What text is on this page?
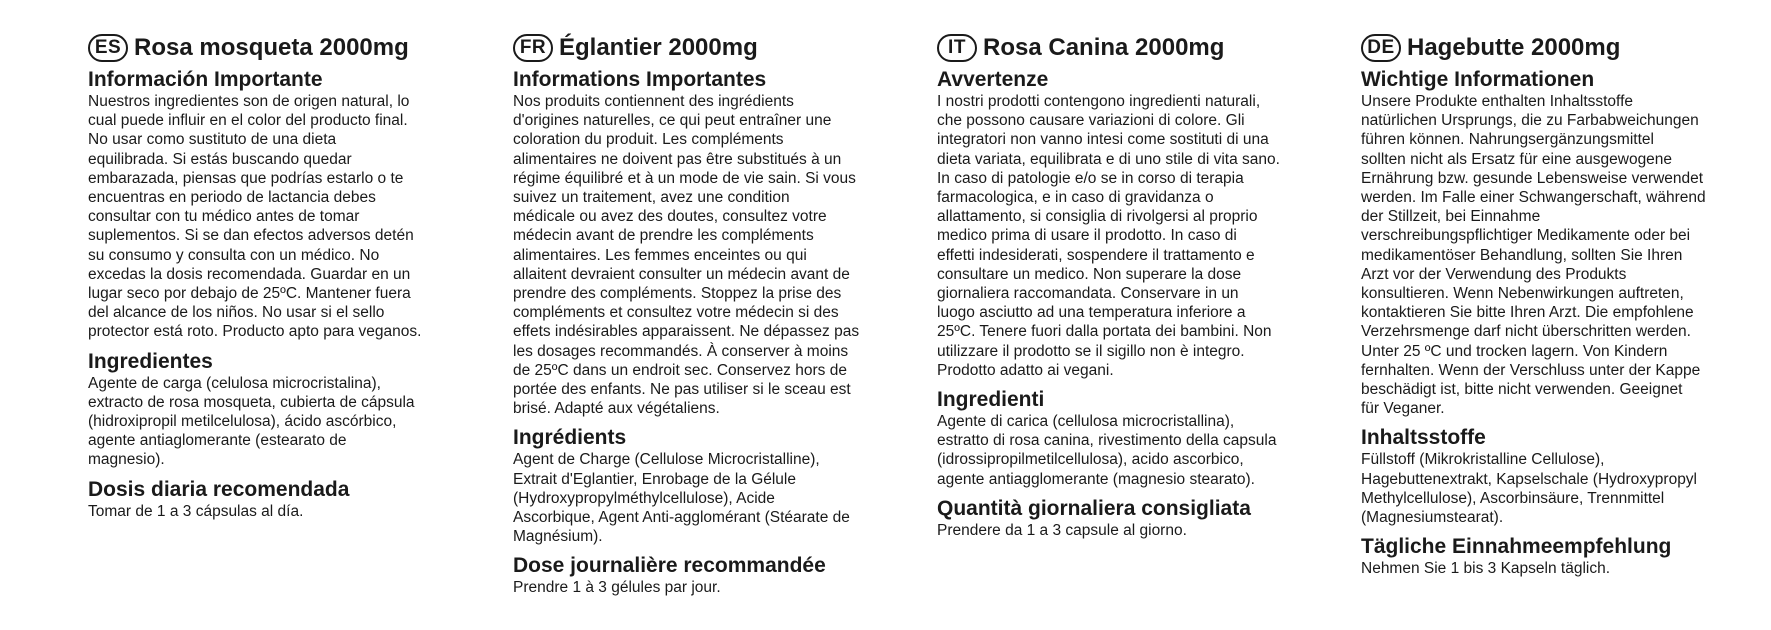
ES Rosa mosqueta 2000mg
Información Importante
Nuestros ingredientes son de origen natural, lo
cual puede influir en el color del producto final.
No usar como sustituto de una dieta
equilibrada. Si estás buscando quedar
embarazada, piensas que podrías estarlo o te
encuentras en periodo de lactancia debes
consultar con tu médico antes de tomar
suplementos. Si se dan efectos adversos detén
su consumo y consulta con un médico. No
excedas la dosis recomendada. Guardar en un
lugar seco por debajo de 25ºC. Mantener fuera
del alcance de los niños. No usar si el sello
protector está roto. Producto apto para veganos.
Ingredientes
Agente de carga (celulosa microcristalina),
extracto de rosa mosqueta, cubierta de cápsula
(hidroxipropil metilcelulosa), ácido ascórbico,
agente antiaglomerante (estearato de
magnesio).
Dosis diaria recomendada
Tomar de 1 a 3 cápsulas al día.
FR Églantier 2000mg
Informations Importantes
Nos produits contiennent des ingrédients
d'origines naturelles, ce qui peut entraîner une
coloration du produit. Les compléments
alimentaires ne doivent pas être substitués à un
régime équilibré et à un mode de vie sain. Si vous
suivez un traitement, avez une condition
médicale ou avez des doutes, consultez votre
médecin avant de prendre les compléments
alimentaires. Les femmes enceintes ou qui
allaitent devraient consulter un médecin avant de
prendre des compléments. Stoppez la prise des
compléments et consultez votre médecin si des
effets indésirables apparaissent. Ne dépassez pas
les dosages recommandés. À conserver à moins
de 25ºC dans un endroit sec. Conservez hors de
portée des enfants. Ne pas utiliser si le sceau est
brisé. Adapté aux végétaliens.
Ingrédients
Agent de Charge (Cellulose Microcristalline),
Extrait d'Eglantier, Enrobage de la Gélule
(Hydroxypropylméthylcellulose), Acide
Ascorbique, Agent Anti-agglomérant (Stéarate de
Magnésium).
Dose journalière recommandée
Prendre 1 à 3 gélules par jour.
IT Rosa Canina 2000mg
Avvertenze
I nostri prodotti contengono ingredienti naturali,
che possono causare variazioni di colore. Gli
integratori non vanno intesi come sostituti di una
dieta variata, equilibrata e di uno stile di vita sano.
In caso di patologie e/o se in corso di terapia
farmacologica, e in caso di gravidanza o
allattamento, si consiglia di rivolgersi al proprio
medico prima di usare il prodotto. In caso di
effetti indesiderati, sospendere il trattamento e
consultare un medico. Non superare la dose
giornaliera raccomandata. Conservare in un
luogo asciutto ad una temperatura inferiore a
25ºC. Tenere fuori dalla portata dei bambini. Non
utilizzare il prodotto se il sigillo non è integro.
Prodotto adatto ai vegani.
Ingredienti
Agente di carica (cellulosa microcristallina),
estratto di rosa canina, rivestimento della capsula
(idrossipropilmetilcellulosa), acido ascorbico,
agente antiagglomerante (magnesio stearato).
Quantità giornaliera consigliata
Prendere da 1 a 3 capsule al giorno.
DE Hagebutte 2000mg
Wichtige Informationen
Unsere Produkte enthalten Inhaltsstoffe
natürlichen Ursprungs, die zu Farbabweichungen
führen können. Nahrungsergänzungsmittel
sollten nicht als Ersatz für eine ausgewogene
Ernährung bzw. gesunde Lebensweise verwendet
werden. Im Falle einer Schwangerschaft, während
der Stillzeit, bei Einnahme
verschreibungspflichtiger Medikamente oder bei
medikamentöser Behandlung, sollten Sie Ihren
Arzt vor der Verwendung des Produkts
konsultieren. Wenn Nebenwirkungen auftreten,
kontaktieren Sie bitte Ihren Arzt. Die empfohlene
Verzehrsmenge darf nicht überschritten werden.
Unter 25 ºC und trocken lagern. Von Kindern
fernhalten. Wenn der Verschluss unter der Kappe
beschädigt ist, bitte nicht verwenden. Geeignet
für Veganer.
Inhaltsstoffe
Füllstoff (Mikrokristalline Cellulose),
Hagebuttenextrakt, Kapselschale (Hydroxypropyl
Methylcellulose), Ascorbinsäure, Trennmittel
(Magnesiumstearat).
Tägliche Einnahmeempfehlung
Nehmen Sie 1 bis 3 Kapseln täglich.
